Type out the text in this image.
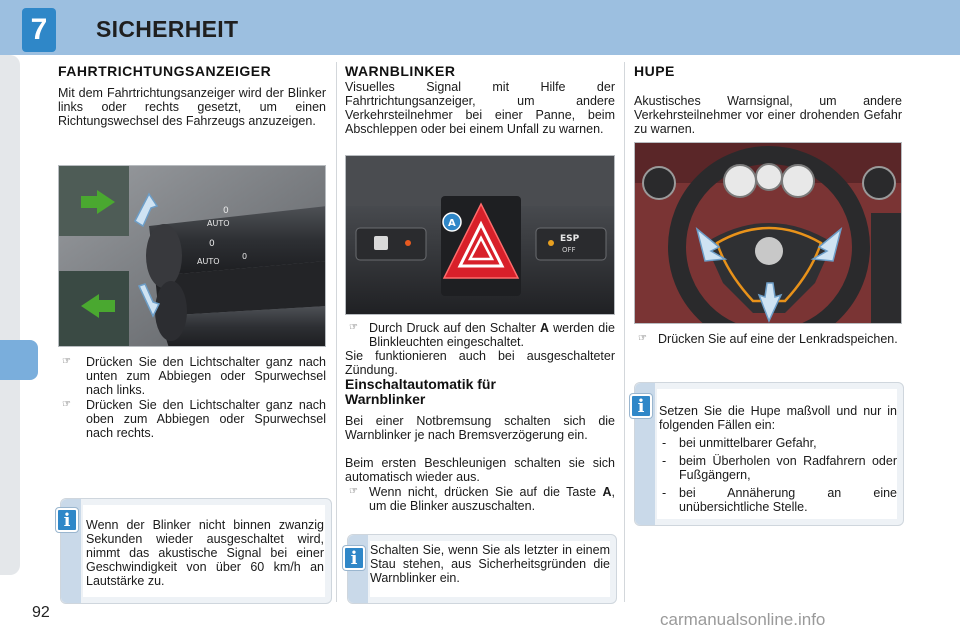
7	SICHERHEIT
FAHRTRICHTUNGSANZEIGER
Mit dem Fahrtrichtungsanzeiger wird der Blinker links oder rechts gesetzt, um einen Richtungswechsel des Fahrzeugs anzuzeigen.
AUTO
0
0
AUTO
0
☞ Drücken Sie den Lichtschalter ganz nach unten zum Abbiegen oder Spurwechsel nach links.
☞ Drücken Sie den Lichtschalter ganz nach oben zum Abbiegen oder Spurwechsel nach rechts.
i	Wenn der Blinker nicht binnen zwanzig Sekunden wieder ausgeschaltet wird, nimmt das akustische Signal bei einer Geschwindigkeit von über 60 km/h an Lautstärke zu.
WARNBLINKER
Visuelles Signal mit Hilfe der Fahrtrichtungsanzeiger, um andere Verkehrsteilnehmer bei einer Panne, beim Abschleppen oder bei einem Unfall zu warnen.
ESP
OFF
A
☞ Durch Druck auf den Schalter A werden die Blinkleuchten eingeschaltet.
Sie funktionieren auch bei ausgeschalteter Zündung.
Einschaltautomatik für Warnblinker
Bei einer Notbremsung schalten sich die Warnblinker je nach Bremsverzögerung ein.
Beim ersten Beschleunigen schalten sie sich automatisch wieder aus.
☞ Wenn nicht, drücken Sie auf die Taste A, um die Blinker auszuschalten.
i	Schalten Sie, wenn Sie als letzter in einem Stau stehen, aus Sicherheitsgründen die Warnblinker ein.
HUPE
Akustisches Warnsignal, um andere Verkehrsteilnehmer vor einer drohenden Gefahr zu warnen.
☞ Drücken Sie auf eine der Lenkradspeichen.
i	Setzen Sie die Hupe maßvoll und nur in folgenden Fällen ein:
- bei unmittelbarer Gefahr,
- beim Überholen von Radfahrern oder Fußgängern,
- bei Annäherung an eine unübersichtliche Stelle.
92	carmanualsonline.info
